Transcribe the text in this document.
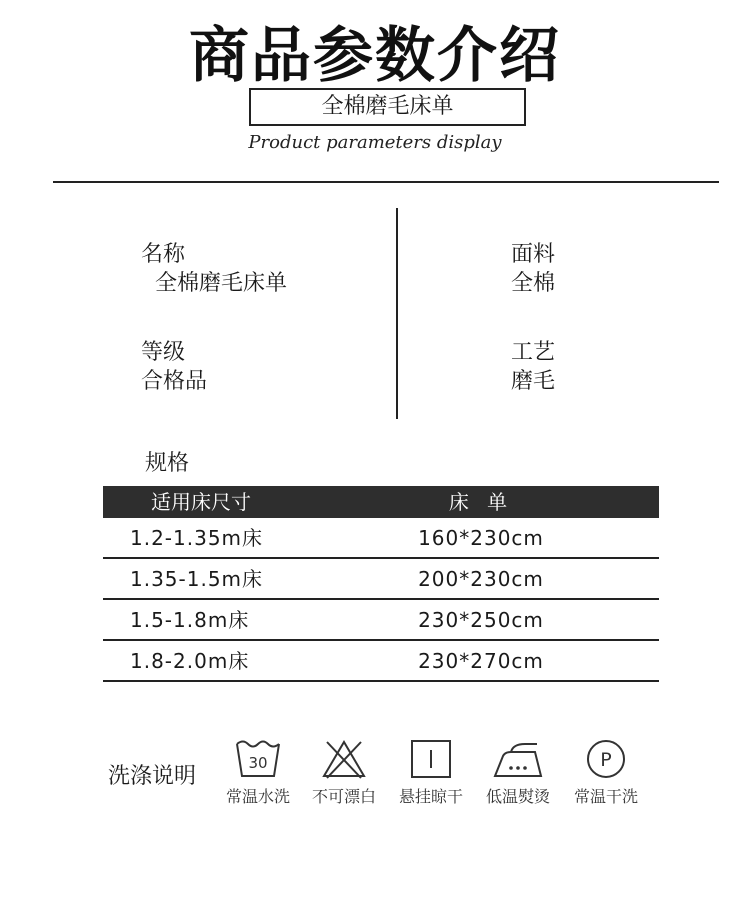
商品参数介绍
全棉磨毛床单
Product parameters display
名称
全棉磨毛床单
面料
全棉
等级
合格品
工艺
磨毛
规格
适用床尺寸	床 单
1.2-1.35m床	160*230cm
1.35-1.5m床	200*230cm
1.5-1.8m床	230*250cm
1.8-2.0m床	230*270cm
洗涤说明
30
常温水洗	不可漂白	悬挂晾干	低温熨烫
P
常温干洗
